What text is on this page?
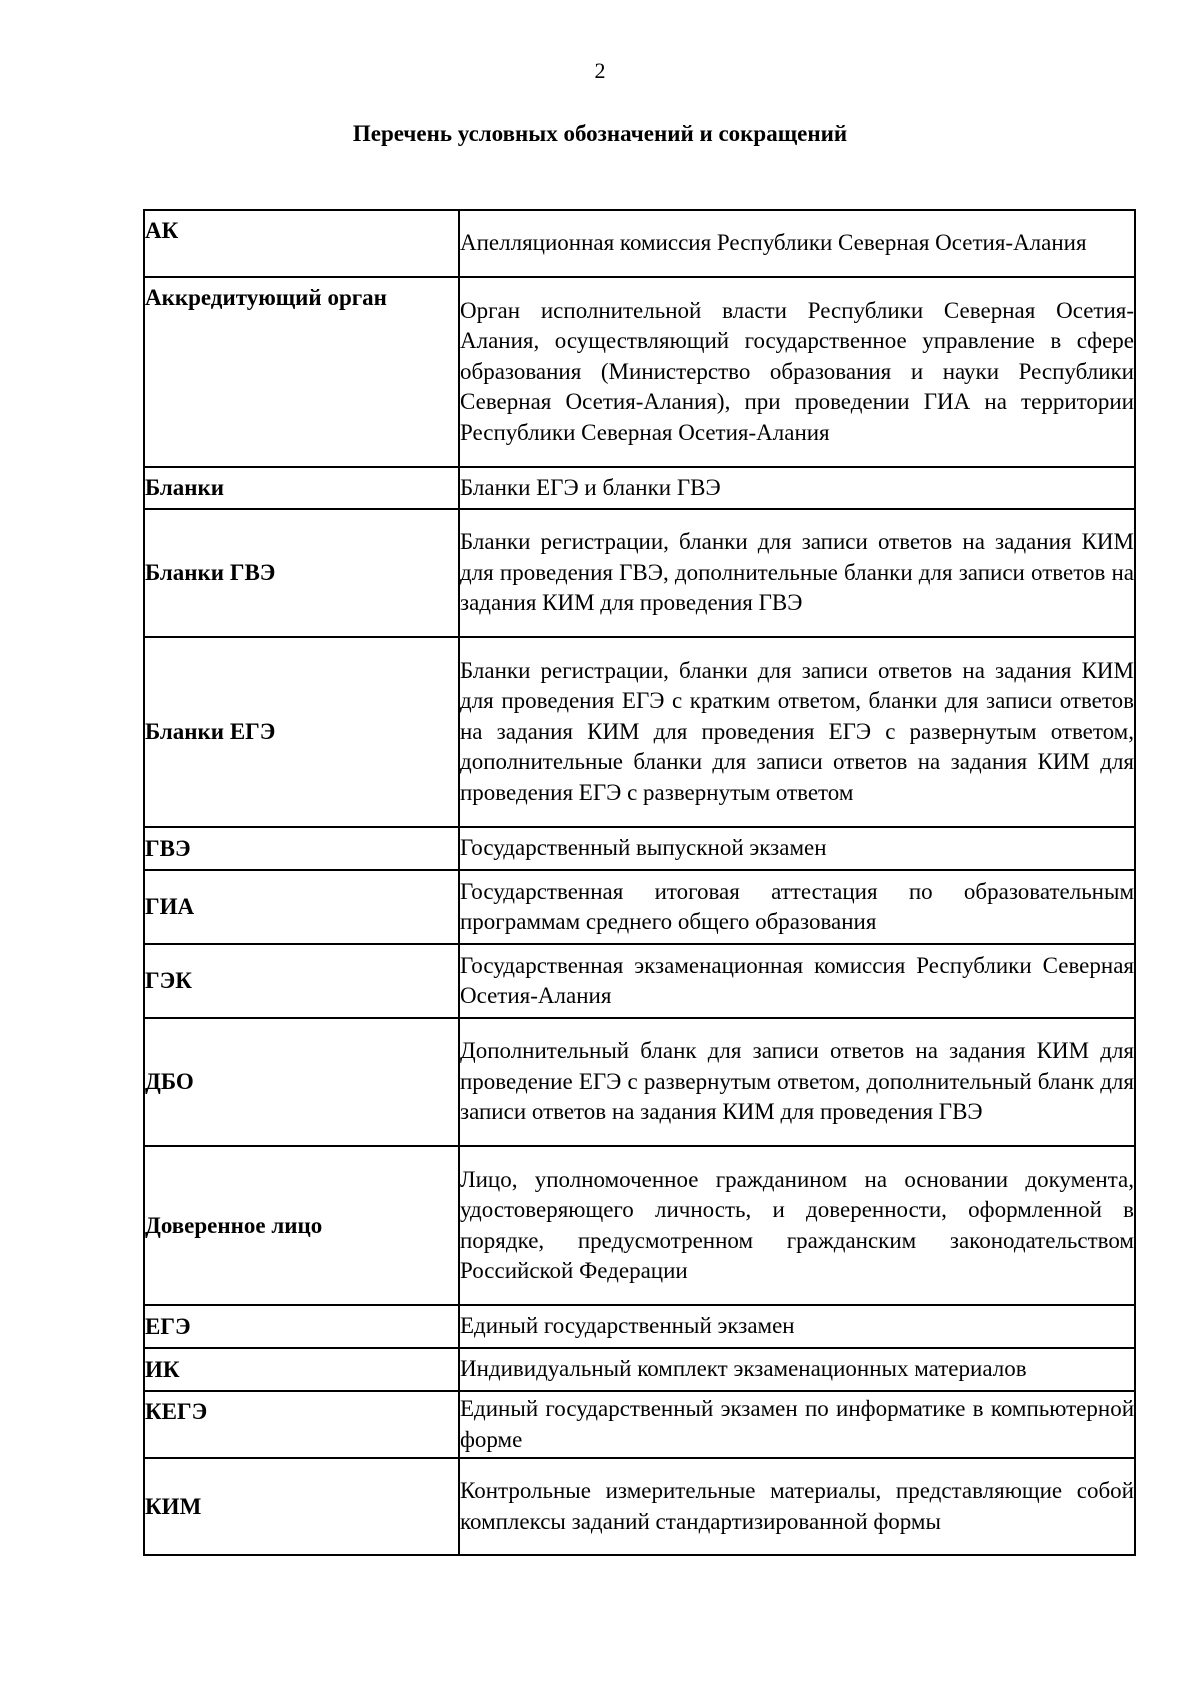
2
Перечень условных обозначений и сокращений
АК	Апелляционная комиссия Республики Северная Осетия-Алания
Аккредитующий орган	Орган исполнительной власти Республики Северная Осетия-Алания, осуществляющий государственное управление в сфере образования (Министерство образования и науки Республики Северная Осетия-Алания), при проведении ГИА на территории Республики Северная Осетия-Алания
Бланки	Бланки ЕГЭ и бланки ГВЭ
Бланки ГВЭ	Бланки регистрации, бланки для записи ответов на задания КИМ для проведения ГВЭ, дополнительные бланки для записи ответов на задания КИМ для проведения ГВЭ
Бланки ЕГЭ	Бланки регистрации, бланки для записи ответов на задания КИМ для проведения ЕГЭ с кратким ответом, бланки для записи ответов на задания КИМ для проведения ЕГЭ с развернутым ответом, дополнительные бланки для записи ответов на задания КИМ для проведения ЕГЭ с развернутым ответом
ГВЭ	Государственный выпускной экзамен
ГИА	Государственная итоговая аттестация по образовательным программам среднего общего образования
ГЭК	Государственная экзаменационная комиссия Республики Северная Осетия-Алания
ДБО	Дополнительный бланк для записи ответов на задания КИМ для проведение ЕГЭ с развернутым ответом, дополнительный бланк для записи ответов на задания КИМ для проведения ГВЭ
Доверенное лицо	Лицо, уполномоченное гражданином на основании документа, удостоверяющего личность, и доверенности, оформленной в порядке, предусмотренном гражданским законодательством Российской Федерации
ЕГЭ	Единый государственный экзамен
ИК	Индивидуальный комплект экзаменационных материалов
КЕГЭ	Единый государственный экзамен по информатике в компьютерной форме
КИМ	Контрольные измерительные материалы, представляющие собой комплексы заданий стандартизированной формы
